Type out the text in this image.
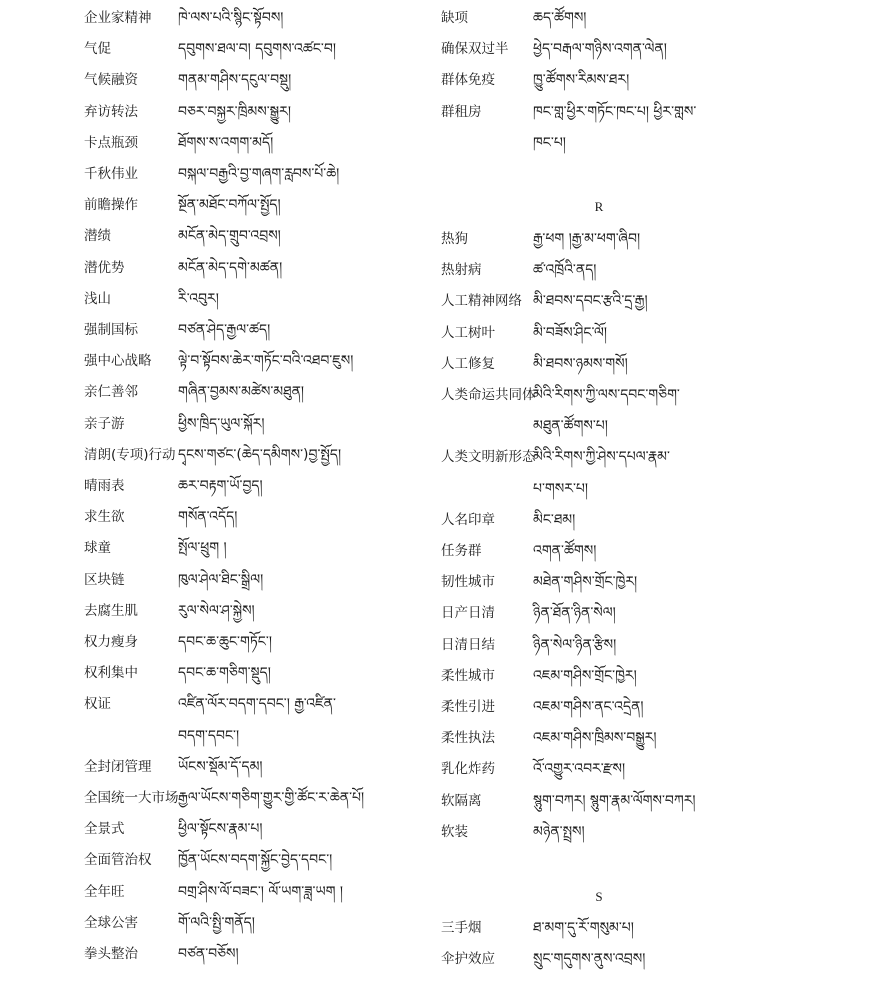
企业家精神 ཁེ་ལས་པའི་སྙིང་སྟོབས།
气促	དབུགས་ཐལ་བ། དབུགས་འཚང་བ།
气候融资	གནམ་གཤིས་དངུལ་བསྡུ།
弃访转法	བཅར་བསྐྱར་ཁྲིམས་སྒྱུར།
卡点瓶颈	ཐོགས་ས་འགག་མདོ།
千秋伟业	བསྐལ་བརྒྱའི་བྱ་གཞག་རླབས་པོ་ཆེ།
前瞻操作	སྔོན་མཐོང་བཀོལ་སྤྱོད།
潜绩	མངོན་མེད་གྲུབ་འབྲས།
潜优势	མངོན་མེད་དགེ་མཚན།
浅山	རི་འབུར།
强制国标	བཙན་ཤེད་རྒྱལ་ཚད།
强中心战略 ལྟེ་བ་སྟོབས་ཆེར་གཏོང་བའི་འཐབ་ཇུས།
亲仁善邻	གཞིན་བྱམས་མཚེས་མཐུན།
亲子游	ཕྱིས་ཁྲིད་ཡུལ་སྐོར།
清朗(专项)行动 དྭངས་གཙང་(ཆེད་དམིགས་)བྱ་སྤྱོད།
晴雨表	ཆར་བརྟག་ཡོ་བྱད།
求生欲	གསོན་འདོད།
球童	སྤོལ་ཕྲུག །
区块链	ཁུལ་ཤེལ་ཐིང་སྒྲིལ།
去腐生肌	རུལ་སེལ་ཤ་སྐྱེས།
权力瘦身	དབང་ཆ་ཆུང་གཏོང་།
权利集中	དབང་ཆ་གཅིག་སྡུད།
权证	འཛིན་ལོར་བདག་དབང་། རྒྱ་འཛིན་
བདག་དབང་།
全封闭管理 ཡོངས་སྡོམ་དོ་དམ།
全国统一大市场 རྒྱལ་ཡོངས་གཅིག་གྱུར་གྱི་ཚོང་ར་ཆེན་པོ།
全景式	ཕྱིལ་སྟོངས་རྣམ་པ།
全面管治权 ཁྱོན་ཡོངས་བདག་སྐྱོང་བྱེད་དབང་།
全年旺	བགྲ་ཤིས་ལོ་བཟང་། ལོ་ཡག་ཟླ་ཡག །
全球公害	གོ་ལའི་སྤྱི་གནོད།
拳头整治	བཙན་བཅོས།
缺项	ཆད་ཚོགས།
确保双过半 ཕྱེད་བརྒལ་གཉིས་འགན་ལེན།
群体免疫	ཁྱུ་ཚོགས་རིམས་ཐར།
群租房	ཁང་གླ་ཕྱིར་གཏོང་ཁང་པ། ཕྱིར་གླས་
ཁང་པ།
R
热狗	རྒྱ་ཕག །རྒྱ་མ་ཕག་ཞིབ།
热射病	ཚ་འཁྲོའི་ནད།
人工精神网络 མི་ཐབས་དབང་རྩའི་དྲ་རྒྱ།
人工树叶	མི་བཟོས་ཤིང་ལོ།
人工修复	མི་ཐབས་ཉམས་གསོ།
人类命运共同体
མིའི་རིགས་ཀྱི་ལས་དབང་གཅིག་
མཐུན་ཚོགས་པ།
人类文明新形态
མིའི་རིགས་ཀྱི་ཤེས་དཔལ་རྣམ་
པ་གསར་པ།
人名印章	མིང་ཐམ།
任务群	འགན་ཚོགས།
韧性城市	མཐེན་གཤིས་གྲོང་ཁྱེར།
日产日清	ཉིན་ཐོན་ཉིན་སེལ།
日清日结	ཉིན་སེལ་ཉིན་རྩིས།
柔性城市	འཇམ་གཤིས་གྲོང་ཁྱེར།
柔性引进	འཇམ་གཤིས་ནང་འདྲེན།
柔性执法	འཇམ་གཤིས་ཁྲིམས་བསྒྱུར།
乳化炸药	འོ་འགྱུར་འབར་རྫས།
软隔离	སྙུག་བཀར། སྙུག་རྣམ་ལོགས་བཀར།
软装	མཉེན་སྤྲས།
S
三手烟	ཐ་མག་དུ་རོ་གསུམ་པ།
伞护效应	སྲུང་གདུགས་ནུས་འབྲས།
